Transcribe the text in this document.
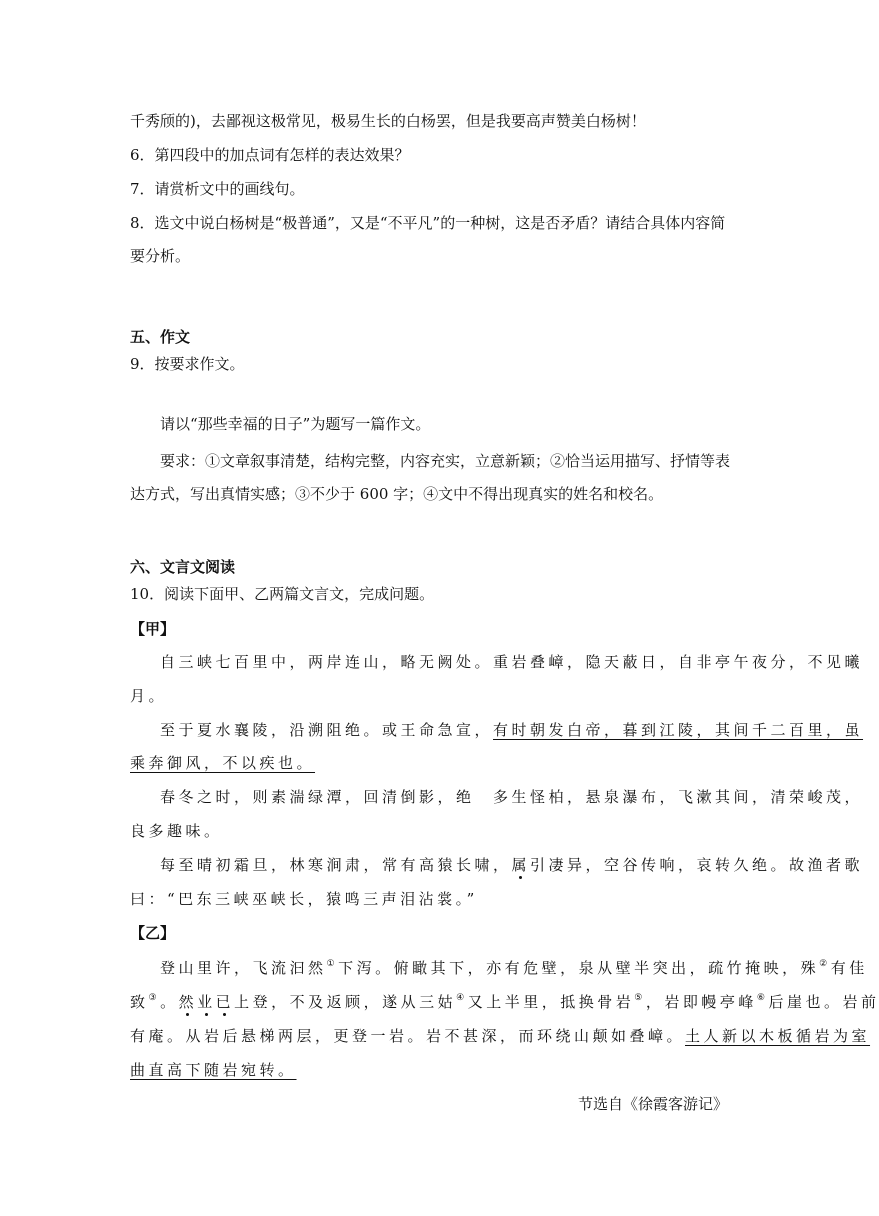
千秀颀的)，去鄙视这极常见，极易生长的白杨罢，但是我要高声赞美白杨树！
6．第四段中的加点词有怎样的表达效果？
7．请赏析文中的画线句。
8．选文中说白杨树是“极普通”，又是“不平凡”的一种树，这是否矛盾？请结合具体内容简
要分析。
五、作文
9．按要求作文。
请以“那些幸福的日子”为题写一篇作文。
要求：①文章叙事清楚，结构完整，内容充实，立意新颖；②恰当运用描写、抒情等表
达方式，写出真情实感；③不少于 600 字；④文中不得出现真实的姓名和校名。
六、文言文阅读
10．阅读下面甲、乙两篇文言文，完成问题。
【甲】
自三峡七百里中，两岸连山，略无阙处。重岩叠嶂，隐天蔽日，自非亭午夜分，不见曦
月。
至于夏水襄陵，沿溯阻绝。或王命急宣，有时朝发白帝，暮到江陵，其间千二百里，虽
乘奔御风，不以疾也。
春冬之时，则素湍绿潭，回清倒影，绝　多生怪柏，悬泉瀑布，飞漱其间，清荣峻茂，
良多趣味。
每至晴初霜旦，林寒涧肃，常有高猿长啸，属引凄异，空谷传响，哀转久绝。故渔者歌
曰：“巴东三峡巫峡长，猿鸣三声泪沾裳。”
【乙】
登山里许，飞流汩然①下泻。俯瞰其下，亦有危壁，泉从壁半突出，疏竹掩映，殊②有佳
致③。然业已上登，不及返顾，遂从三姑④又上半里，抵换骨岩⑤，岩即幔亭峰⑥后崖也。岩前
有庵。从岩后悬梯两层，更登一岩。岩不甚深，而环绕山颠如叠嶂。土人新以木板循岩为室
曲直高下随岩宛转。
节选自《徐霞客游记》
